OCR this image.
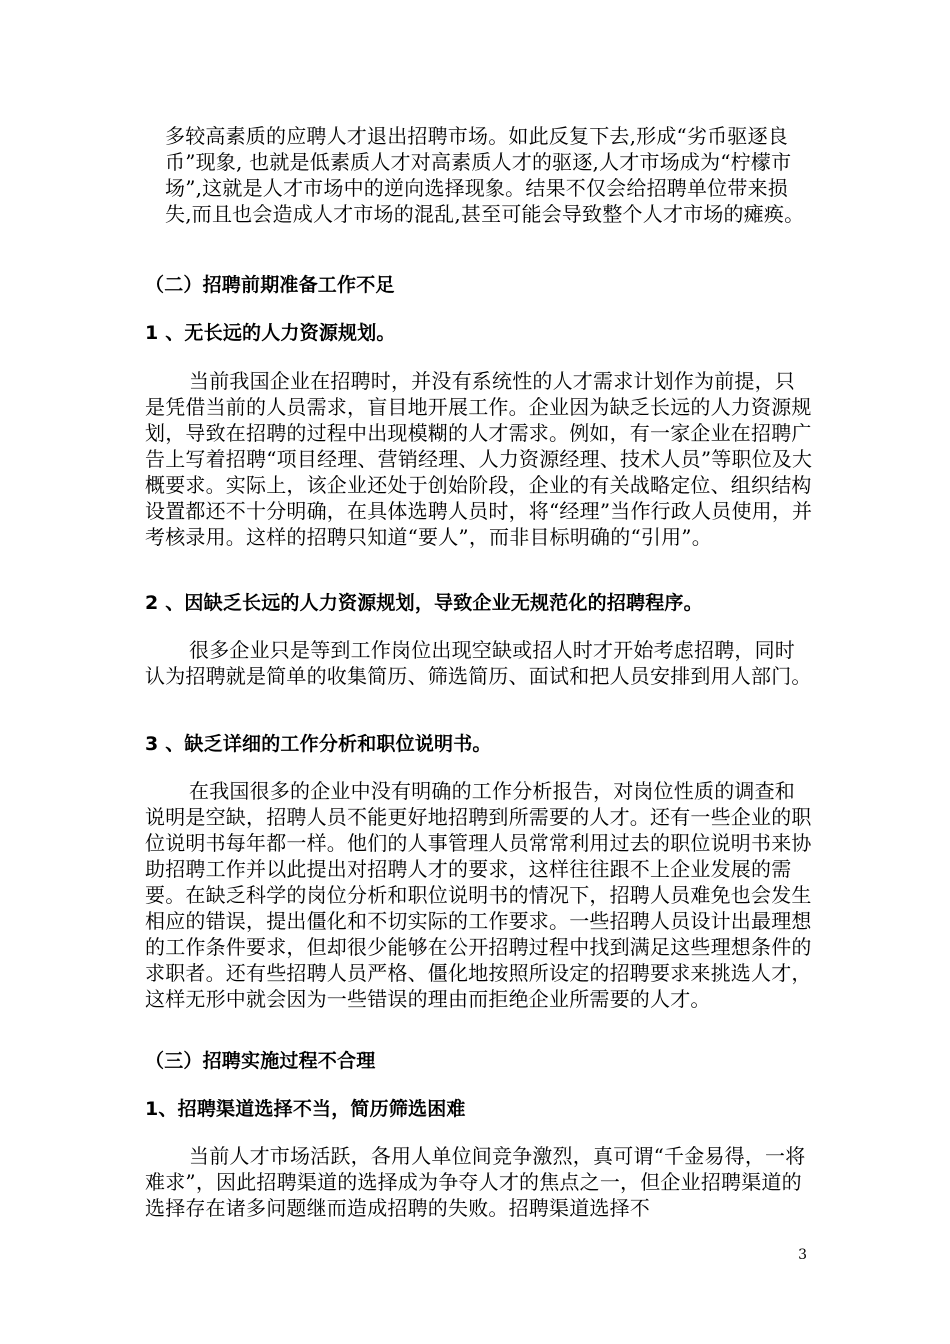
多较高素质的应聘人才退出招聘市场。如此反复下去,形成“劣币驱逐良币”现象, 也就是低素质人才对高素质人才的驱逐,人才市场成为“柠檬市场”,这就是人才市场中的逆向选择现象。结果不仅会给招聘单位带来损失,而且也会造成人才市场的混乱,甚至可能会导致整个人才市场的瘫痪。
（二）招聘前期准备工作不足
1 、无长远的人力资源规划。
当前我国企业在招聘时，并没有系统性的人才需求计划作为前提，只是凭借当前的人员需求，盲目地开展工作。企业因为缺乏长远的人力资源规划，导致在招聘的过程中出现模糊的人才需求。例如，有一家企业在招聘广告上写着招聘“项目经理、营销经理、人力资源经理、技术人员”等职位及大概要求。实际上，该企业还处于创始阶段，企业的有关战略定位、组织结构设置都还不十分明确，在具体选聘人员时，将“经理”当作行政人员使用，并考核录用。这样的招聘只知道“要人”，而非目标明确的“引用”。
2 、因缺乏长远的人力资源规划，导致企业无规范化的招聘程序。
很多企业只是等到工作岗位出现空缺或招人时才开始考虑招聘，同时认为招聘就是简单的收集简历、筛选简历、面试和把人员安排到用人部门。
3 、缺乏详细的工作分析和职位说明书。
在我国很多的企业中没有明确的工作分析报告，对岗位性质的调查和说明是空缺，招聘人员不能更好地招聘到所需要的人才。还有一些企业的职位说明书每年都一样。他们的人事管理人员常常利用过去的职位说明书来协助招聘工作并以此提出对招聘人才的要求，这样往往跟不上企业发展的需要。在缺乏科学的岗位分析和职位说明书的情况下，招聘人员难免也会发生相应的错误，提出僵化和不切实际的工作要求。一些招聘人员设计出最理想的工作条件要求，但却很少能够在公开招聘过程中找到满足这些理想条件的求职者。还有些招聘人员严格、僵化地按照所设定的招聘要求来挑选人才，这样无形中就会因为一些错误的理由而拒绝企业所需要的人才。
（三）招聘实施过程不合理
1、招聘渠道选择不当，简历筛选困难
当前人才市场活跃，各用人单位间竞争激烈，真可谓“千金易得，一将难求”，因此招聘渠道的选择成为争夺人才的焦点之一，但企业招聘渠道的选择存在诸多问题继而造成招聘的失败。招聘渠道选择不
3
